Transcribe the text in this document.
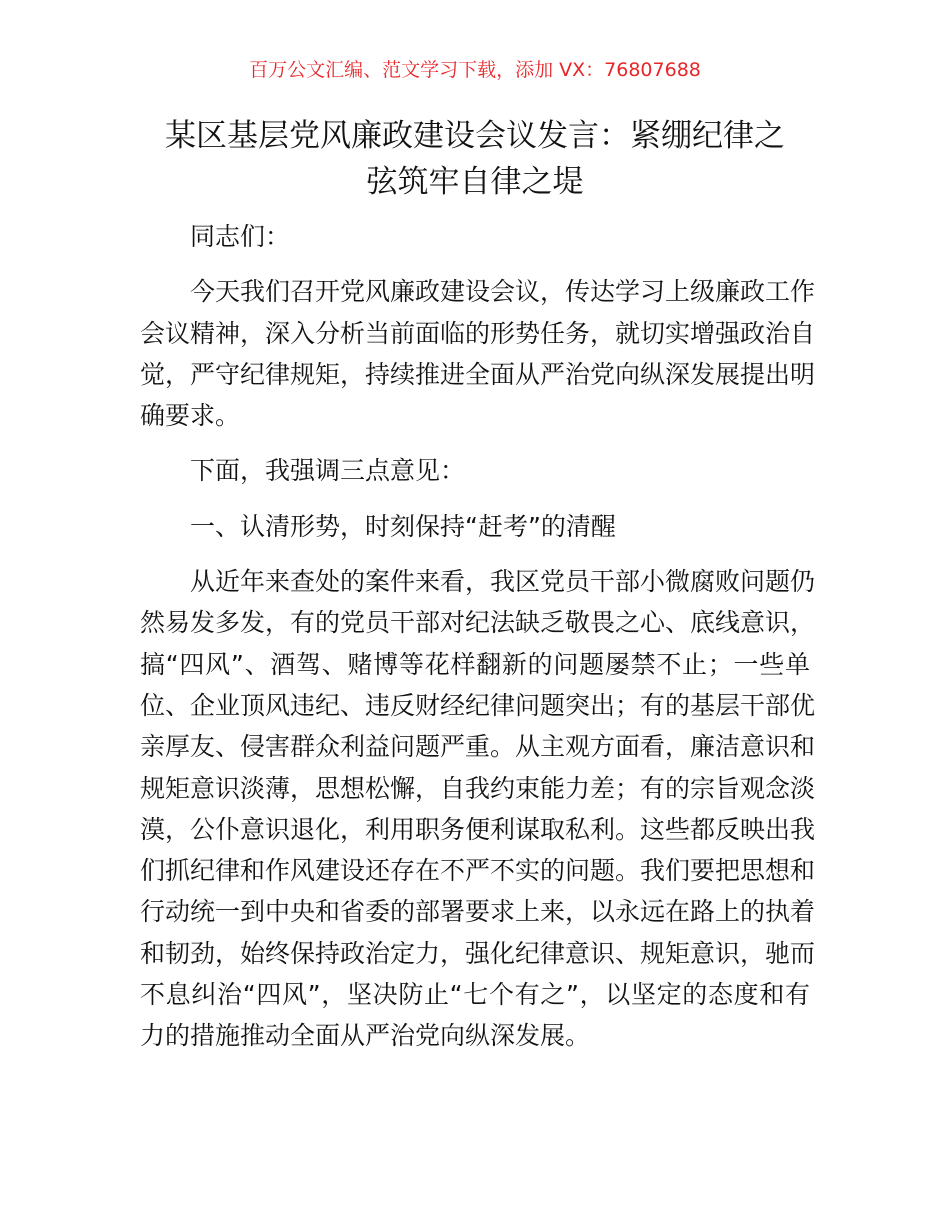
百万公文汇编、范文学习下载，添加 VX：76807688
某区基层党风廉政建设会议发言：紧绷纪律之
弦筑牢自律之堤
同志们：
今天我们召开党风廉政建设会议，传达学习上级廉政工作
会议精神，深入分析当前面临的形势任务，就切实增强政治自
觉，严守纪律规矩，持续推进全面从严治党向纵深发展提出明
确要求。
下面，我强调三点意见：
一、认清形势，时刻保持“赶考”的清醒
从近年来查处的案件来看，我区党员干部小微腐败问题仍
然易发多发，有的党员干部对纪法缺乏敬畏之心、底线意识，
搞“四风”、酒驾、赌博等花样翻新的问题屡禁不止；一些单
位、企业顶风违纪、违反财经纪律问题突出；有的基层干部优
亲厚友、侵害群众利益问题严重。从主观方面看，廉洁意识和
规矩意识淡薄，思想松懈，自我约束能力差；有的宗旨观念淡
漠，公仆意识退化，利用职务便利谋取私利。这些都反映出我
们抓纪律和作风建设还存在不严不实的问题。我们要把思想和
行动统一到中央和省委的部署要求上来，以永远在路上的执着
和韧劲，始终保持政治定力，强化纪律意识、规矩意识，驰而
不息纠治“四风”，坚决防止“七个有之”，以坚定的态度和有
力的措施推动全面从严治党向纵深发展。
